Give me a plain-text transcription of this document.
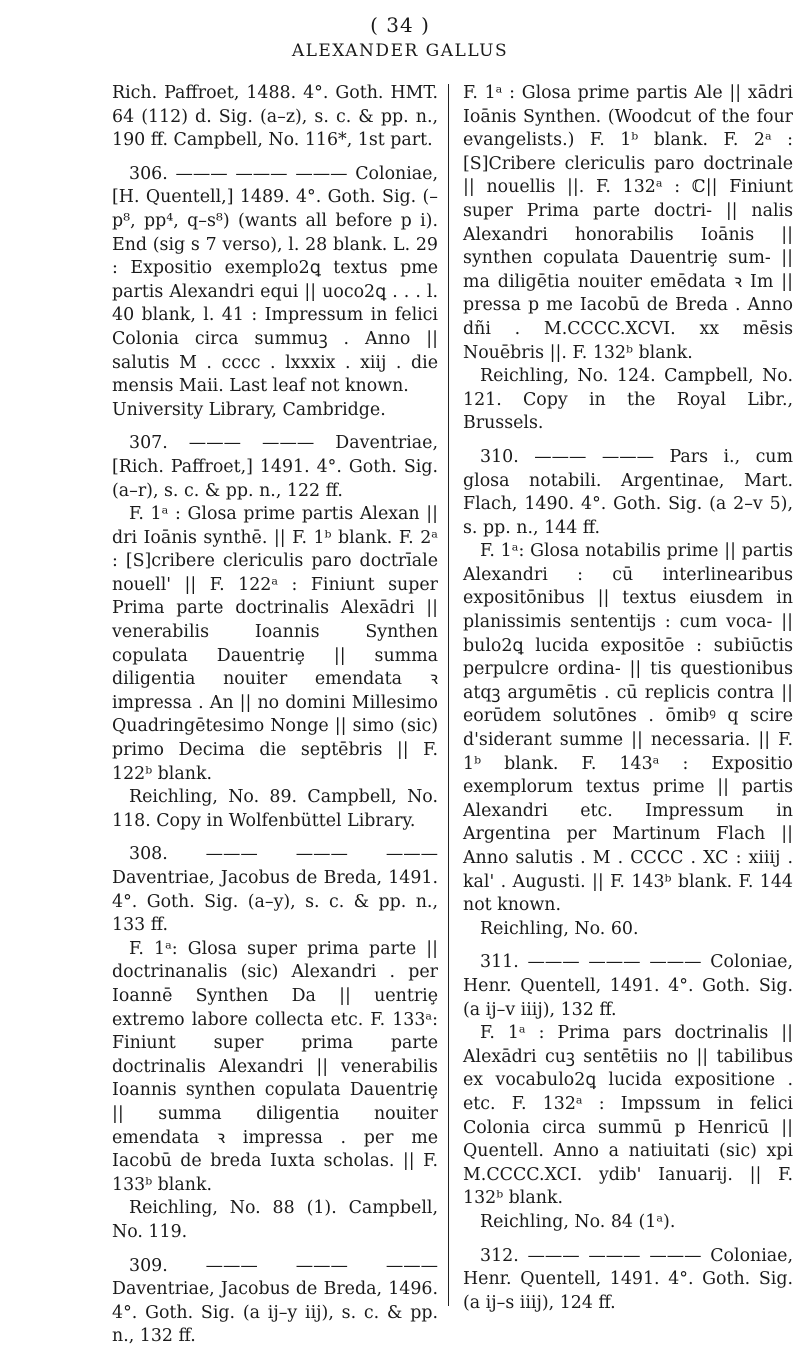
( 34 )
ALEXANDER GALLUS

Rich. Paffroet, 1488. 4°. Goth. HMT. 64 (112) d. Sig. (a–z), s. c. & pp. n., 190 ff. Campbell, No. 116*, 1st part.

306. ——— ——— ——— Coloniae, [H. Quentell,] 1489. 4°. Goth. Sig. (–p⁸, pp⁴, q–s⁸) (wants all before p i). End (sig s 7 verso), l. 28 blank. L. 29 : Expositio exemplo2ꝗ textus pme partis Alexandri equi || uoco2ꝗ . . . l. 40 blank, l. 41 : Impressum in felici Colonia circa summuꝫ . Anno || salutis M . cccc . lxxxix . xiij . die mensis Maii. Last leaf not known.

University Library, Cambridge.

307. ——— ——— Daventriae, [Rich. Paffroet,] 1491. 4°. Goth. Sig. (a–r), s. c. & pp. n., 122 ff.

F. 1ᵃ : Glosa prime partis Alexan || dri Ioānis synthē. || F. 1ᵇ blank. F. 2ᵃ : [S]cribere clericulis paro doctrīale nouell' || F. 122ᵃ : Finiunt super Prima parte doctrinalis Alexādri || venerabilis Ioannis Synthen copulata Dauentriȩ || summa diligentia nouiter emendata ꝛ impressa . An || no domini Millesimo Quadringētesimo Nonge || simo (sic) primo Decima die septēbris || F. 122ᵇ blank.

Reichling, No. 89. Campbell, No. 118. Copy in Wolfenbüttel Library.

308. ——— ——— ——— Daventriae, Jacobus de Breda, 1491. 4°. Goth. Sig. (a–y), s. c. & pp. n., 133 ff.

F. 1ᵃ: Glosa super prima parte || doctrinanalis (sic) Alexandri . per Ioannē Synthen Da || uentriȩ extremo labore collecta etc. F. 133ᵃ: Finiunt super prima parte doctrinalis Alexandri || venerabilis Ioannis synthen copulata Dauentriȩ || summa diligentia nouiter emendata ꝛ impressa . per me Iacobū de breda Iuxta scholas. || F. 133ᵇ blank.

Reichling, No. 88 (1). Campbell, No. 119.

309. ——— ——— ——— Daventriae, Jacobus de Breda, 1496. 4°. Goth. Sig. (a ij–y iij), s. c. & pp. n., 132 ff.

F. 1ᵃ : Glosa prime partis Ale || xādri Ioānis Synthen. (Woodcut of the four evangelists.) F. 1ᵇ blank. F. 2ᵃ : [S]Cribere clericulis paro doctrinale || nouellis ||. F. 132ᵃ : ℂ|| Finiunt super Prima parte doctri- || nalis Alexandri honorabilis Ioānis || synthen copulata Dauentriȩ sum- || ma diligētia nouiter emēdata ꝛ Im || pressa p me Iacobū de Breda . Anno dñi . M.CCCC.XCVI. xx mēsis Nouēbris ||. F. 132ᵇ blank.

Reichling, No. 124. Campbell, No. 121. Copy in the Royal Libr., Brussels.

310. ——— ——— Pars i., cum glosa notabili. Argentinae, Mart. Flach, 1490. 4°. Goth. Sig. (a 2–v 5), s. pp. n., 144 ff.

F. 1ᵃ: Glosa notabilis prime || partis Alexandri : cū interlinearibus expositōnibus || textus eiusdem in planissimis sententijs : cum voca- || bulo2ꝗ lucida expositōe : subiūctis perpulcre ordina- || tis questionibus atqꝫ argumētis . cū replicis contra || eorūdem solutōnes . ōmibꝰ q scire d'siderant summe || necessaria. || F. 1ᵇ blank. F. 143ᵃ : Expositio exemplorum textus prime || partis Alexandri etc. Impressum in Argentina per Martinum Flach || Anno salutis . M . CCCC . XC : xiiij . kal' . Augusti. || F. 143ᵇ blank. F. 144 not known.

Reichling, No. 60.

311. ——— ——— ——— Coloniae, Henr. Quentell, 1491. 4°. Goth. Sig. (a ij–v iiij), 132 ff.

F. 1ᵃ : Prima pars doctrinalis || Alexādri cuꝫ sentētiis no || tabilibus ex vocabulo2ꝗ lucida expositione . etc. F. 132ᵃ : Impssum in felici Colonia circa summū p Henricū || Quentell. Anno a natiuitati (sic) xpi M.CCCC.XCI. ydib' Ianuarij. || F. 132ᵇ blank.

Reichling, No. 84 (1ᵃ).

312. ——— ——— ——— Coloniae, Henr. Quentell, 1491. 4°. Goth. Sig. (a ij–s iiij), 124 ff.
